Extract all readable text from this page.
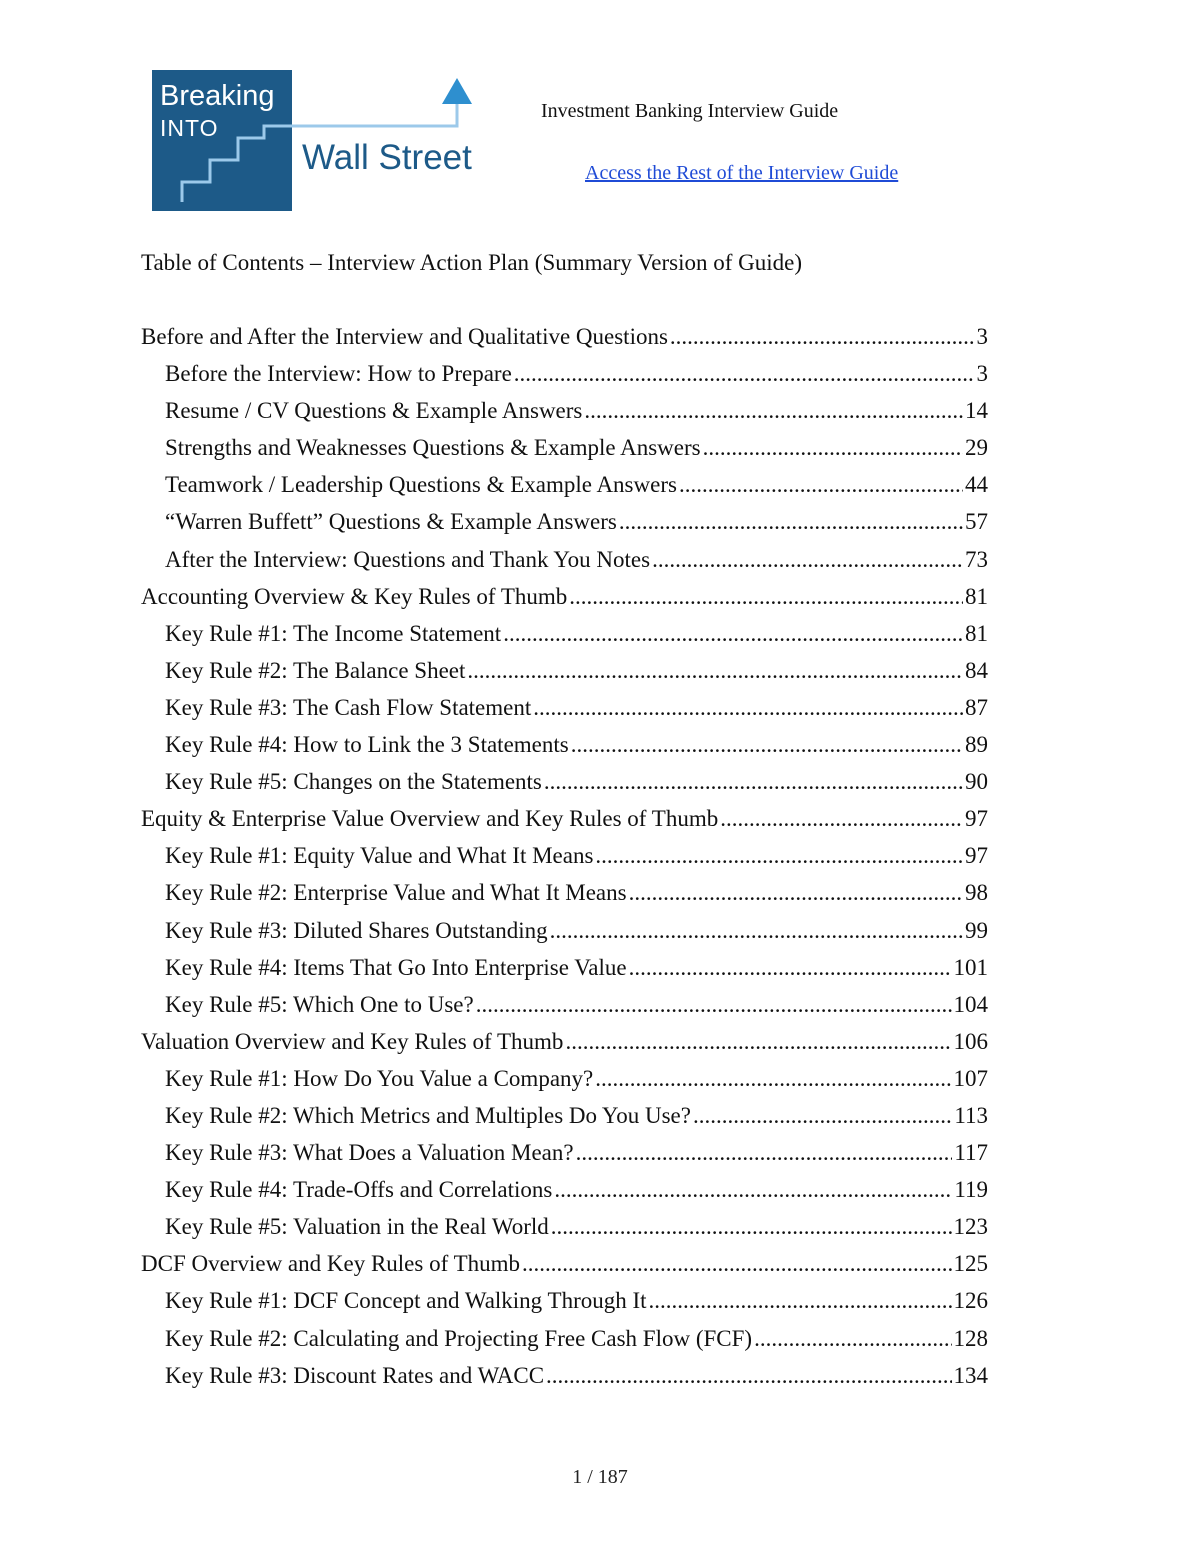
Breaking
INTO
Wall Street
Investment Banking Interview Guide
Access the Rest of the Interview Guide
Table of Contents – Interview Action Plan (Summary Version of Guide)
Before and After the Interview and Qualitative Questions .....	3
Before the Interview: How to Prepare .....	3
Resume / CV Questions & Example Answers .....	14
Strengths and Weaknesses Questions & Example Answers .....	29
Teamwork / Leadership Questions & Example Answers .....	44
“Warren Buffett” Questions & Example Answers .....	57
After the Interview: Questions and Thank You Notes .....	73
Accounting Overview & Key Rules of Thumb .....	81
Key Rule #1: The Income Statement .....	81
Key Rule #2: The Balance Sheet .....	84
Key Rule #3: The Cash Flow Statement .....	87
Key Rule #4: How to Link the 3 Statements .....	89
Key Rule #5: Changes on the Statements .....	90
Equity & Enterprise Value Overview and Key Rules of Thumb .....	97
Key Rule #1: Equity Value and What It Means .....	97
Key Rule #2: Enterprise Value and What It Means .....	98
Key Rule #3: Diluted Shares Outstanding .....	99
Key Rule #4: Items That Go Into Enterprise Value .....	101
Key Rule #5: Which One to Use? .....	104
Valuation Overview and Key Rules of Thumb .....	106
Key Rule #1: How Do You Value a Company? .....	107
Key Rule #2: Which Metrics and Multiples Do You Use? .....	113
Key Rule #3: What Does a Valuation Mean? .....	117
Key Rule #4: Trade-Offs and Correlations .....	119
Key Rule #5: Valuation in the Real World .....	123
DCF Overview and Key Rules of Thumb .....	125
Key Rule #1: DCF Concept and Walking Through It .....	126
Key Rule #2: Calculating and Projecting Free Cash Flow (FCF) .....	128
Key Rule #3: Discount Rates and WACC .....	134
1 / 187
